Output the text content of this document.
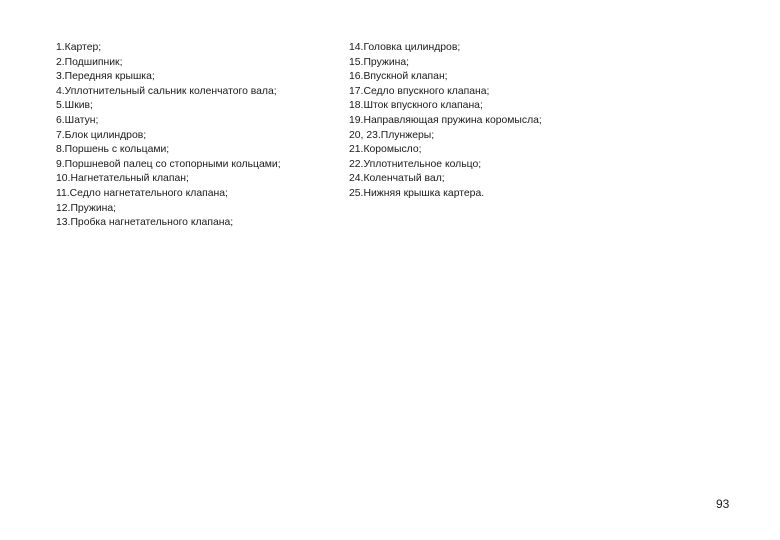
1.Картер;
2.Подшипник;
3.Передняя крышка;
4.Уплотнительный сальник коленчатого вала;
5.Шкив;
6.Шатун;
7.Блок цилиндров;
8.Поршень с кольцами;
9.Поршневой палец со стопорными кольцами;
10.Нагнетательный клапан;
11.Седло нагнетательного клапана;
12.Пружина;
13.Пробка нагнетательного клапана;
14.Головка цилиндров;
15.Пружина;
16.Впускной клапан;
17.Седло впускного клапана;
18.Шток впускного клапана;
19.Направляющая пружина коромысла;
20, 23.Плунжеры;
21.Коромысло;
22.Уплотнительное кольцо;
24.Коленчатый вал;
25.Нижняя крышка картера.
93
